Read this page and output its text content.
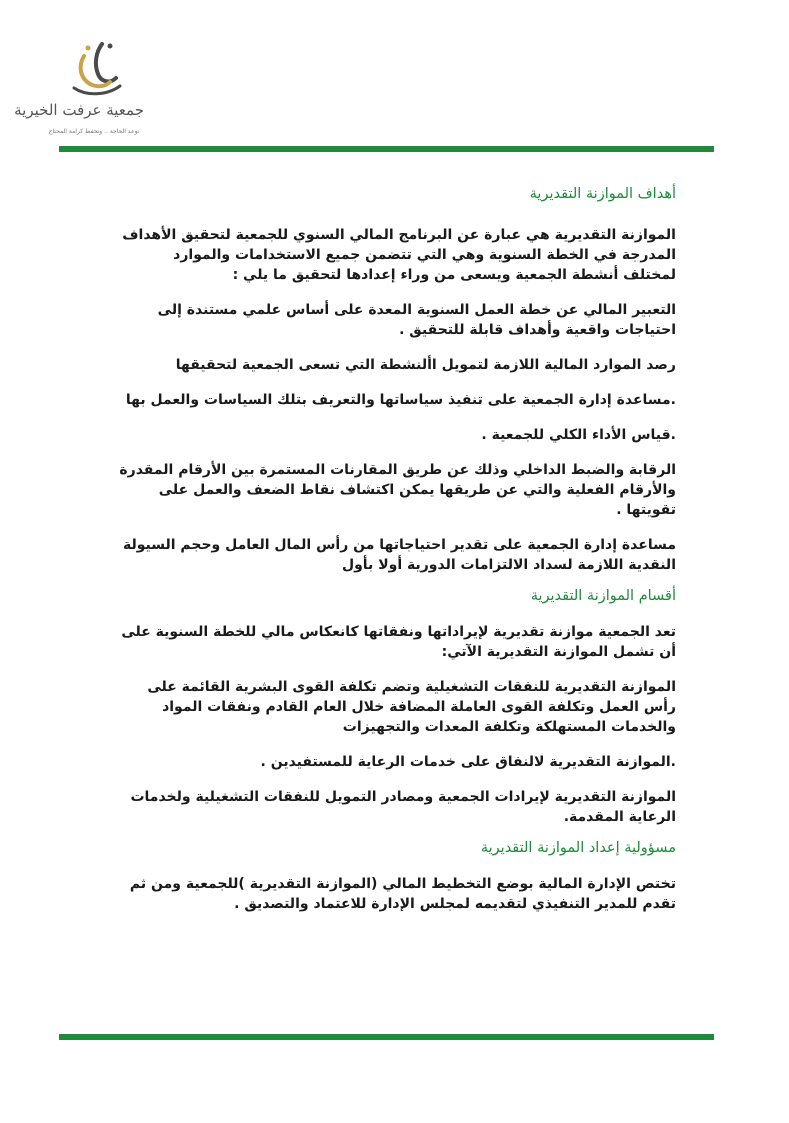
جمعية عرفت الخيرية
نوعد الحاجة .. ونحفظ كرامة المحتاج
أهداف الموازنة التقديرية

الموازنة التقديرية هي عبارة عن البرنامج المالي السنوي للجمعية لتحقيق الأهداف المدرجة في الخطة السنوية وهي التي تتضمن جميع الاستخدامات والموارد لمختلف أنشطة الجمعية ويسعى من وراء إعدادها لتحقيق ما يلي :

التعبير المالي عن خطة العمل السنوية المعدة على أساس علمي مستندة إلى احتياجات واقعية وأهداف قابلة للتحقيق .

رصد الموارد المالية اللازمة لتمويل األنشطة التي تسعى الجمعية لتحقيقها

.مساعدة إدارة الجمعية على تنفيذ سياساتها والتعريف بتلك السياسات والعمل بها

.قياس الأداء الكلي للجمعية .

الرقابة والضبط الداخلي وذلك عن طريق المقارنات المستمرة بين الأرقام المقدرة والأرقام الفعلية والتي عن طريقها يمكن اكتشاف نقاط الضعف والعمل على تقويتها .

مساعدة إدارة الجمعية على تقدير احتياجاتها من رأس المال العامل وحجم السيولة النقدية اللازمة لسداد الالتزامات الدورية أولا بأول

أقسام الموازنة التقديرية

تعد الجمعية موازنة تقديرية لإيراداتها ونفقاتها كانعكاس مالي للخطة السنوية على أن تشمل الموازنة التقديرية الآتي:

الموازنة التقديرية للنفقات التشغيلية وتضم تكلفة القوى البشرية القائمة على رأس العمل وتكلفة القوى العاملة المضافة خلال العام القادم ونفقات المواد والخدمات المستهلكة وتكلفة المعدات والتجهيزات

.الموازنة التقديرية لالنفاق على خدمات الرعاية للمستفيدين .

الموازنة التقديرية لإيرادات الجمعية ومصادر التمويل للنفقات التشغيلية ولخدمات الرعاية المقدمة.

مسؤولية إعداد الموازنة التقديرية

تختص الإدارة المالية بوضع التخطيط المالي (الموازنة التقديرية )للجمعية ومن ثم تقدم للمدير التنفيذي لتقديمه لمجلس الإدارة للاعتماد والتصديق .
